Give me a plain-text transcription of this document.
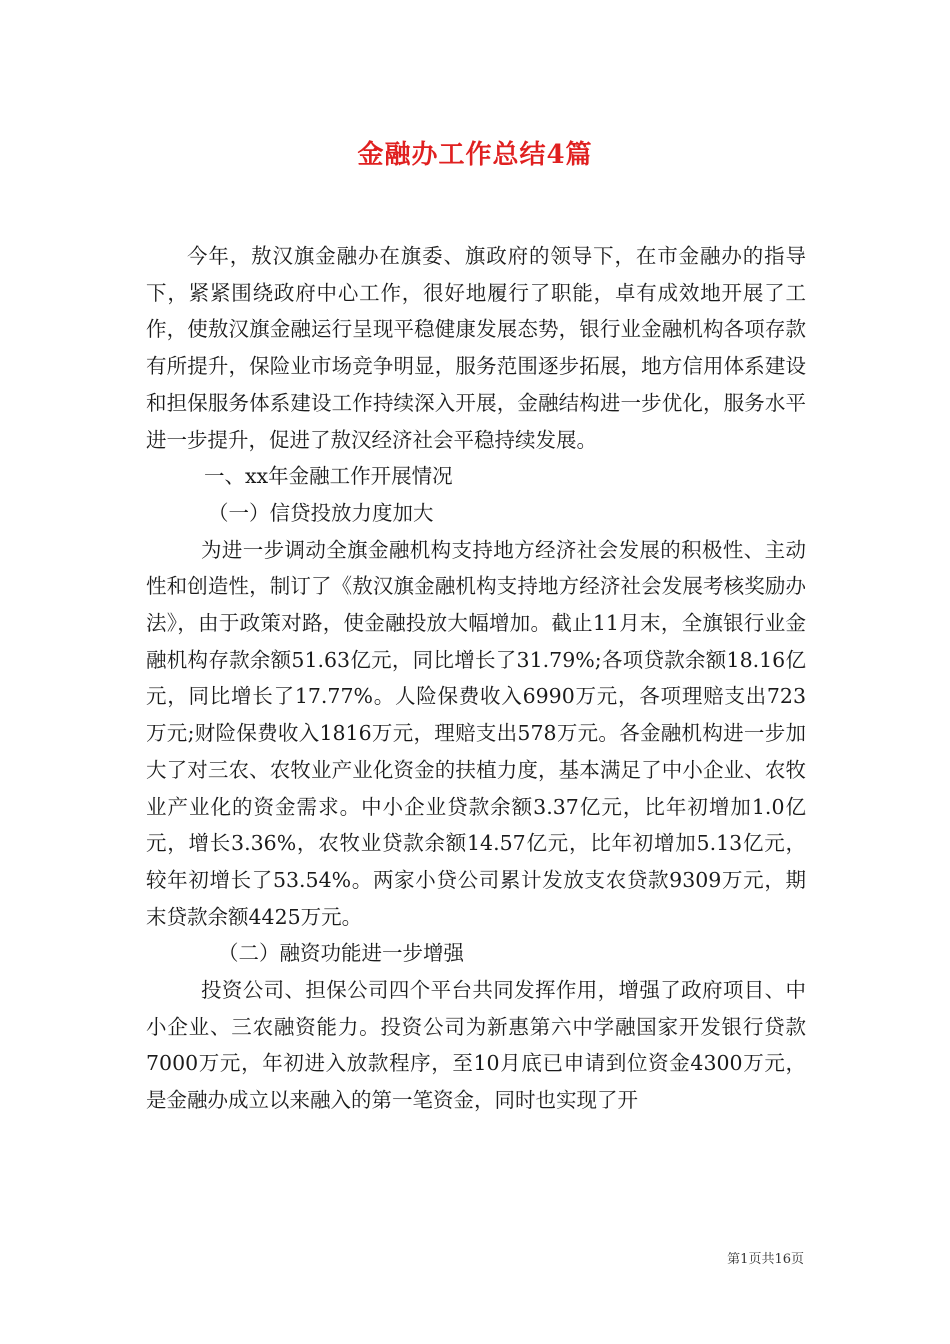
金融办工作总结4篇

今年，敖汉旗金融办在旗委、旗政府的领导下，在市金融办的指导下，紧紧围绕政府中心工作，很好地履行了职能，卓有成效地开展了工作，使敖汉旗金融运行呈现平稳健康发展态势，银行业金融机构各项存款有所提升，保险业市场竞争明显，服务范围逐步拓展，地方信用体系建设和担保服务体系建设工作持续深入开展，金融结构进一步优化，服务水平进一步提升，促进了敖汉经济社会平稳持续发展。

一、xx年金融工作开展情况

（一）信贷投放力度加大

为进一步调动全旗金融机构支持地方经济社会发展的积极性、主动性和创造性，制订了《敖汉旗金融机构支持地方经济社会发展考核奖励办法》，由于政策对路，使金融投放大幅增加。截止11月末，全旗银行业金融机构存款余额51.63亿元，同比增长了31.79%;各项贷款余额18.16亿元，同比增长了17.77%。人险保费收入6990万元，各项理赔支出723万元;财险保费收入1816万元，理赔支出578万元。各金融机构进一步加大了对三农、农牧业产业化资金的扶植力度，基本满足了中小企业、农牧业产业化的资金需求。中小企业贷款余额3.37亿元，比年初增加1.0亿元，增长3.36%，农牧业贷款余额14.57亿元，比年初增加5.13亿元，较年初增长了53.54%。两家小贷公司累计发放支农贷款9309万元，期末贷款余额4425万元。

（二）融资功能进一步增强

投资公司、担保公司四个平台共同发挥作用，增强了政府项目、中小企业、三农融资能力。投资公司为新惠第六中学融国家开发银行贷款7000万元，年初进入放款程序，至10月底已申请到位资金4300万元，是金融办成立以来融入的第一笔资金，同时也实现了开

第1页共16页
